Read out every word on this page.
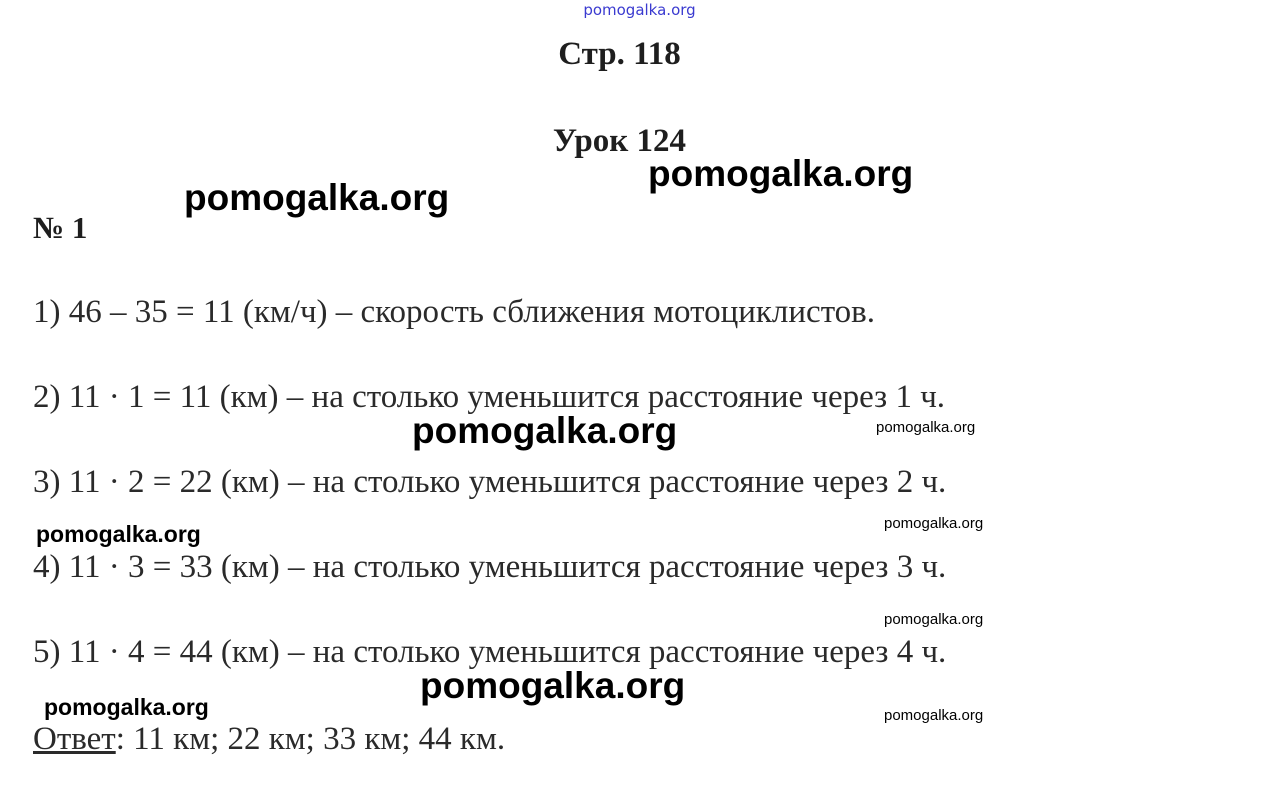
pomogalka.org
Стр. 118
Урок 124
№ 1
1) 46 – 35 = 11 (км/ч) – скорость сближения мотоциклистов.
2) 11 · 1 = 11 (км) – на столько уменьшится расстояние через 1 ч.
3) 11 · 2 = 22 (км) – на столько уменьшится расстояние через 2 ч.
4) 11 · 3 = 33 (км) – на столько уменьшится расстояние через 3 ч.
5) 11 · 4 = 44 (км) – на столько уменьшится расстояние через 4 ч.
Ответ: 11 км; 22 км; 33 км; 44 км.
pomogalka.org
pomogalka.org
pomogalka.org
pomogalka.org
pomogalka.org
pomogalka.org
pomogalka.org
pomogalka.org
pomogalka.org
pomogalka.org
